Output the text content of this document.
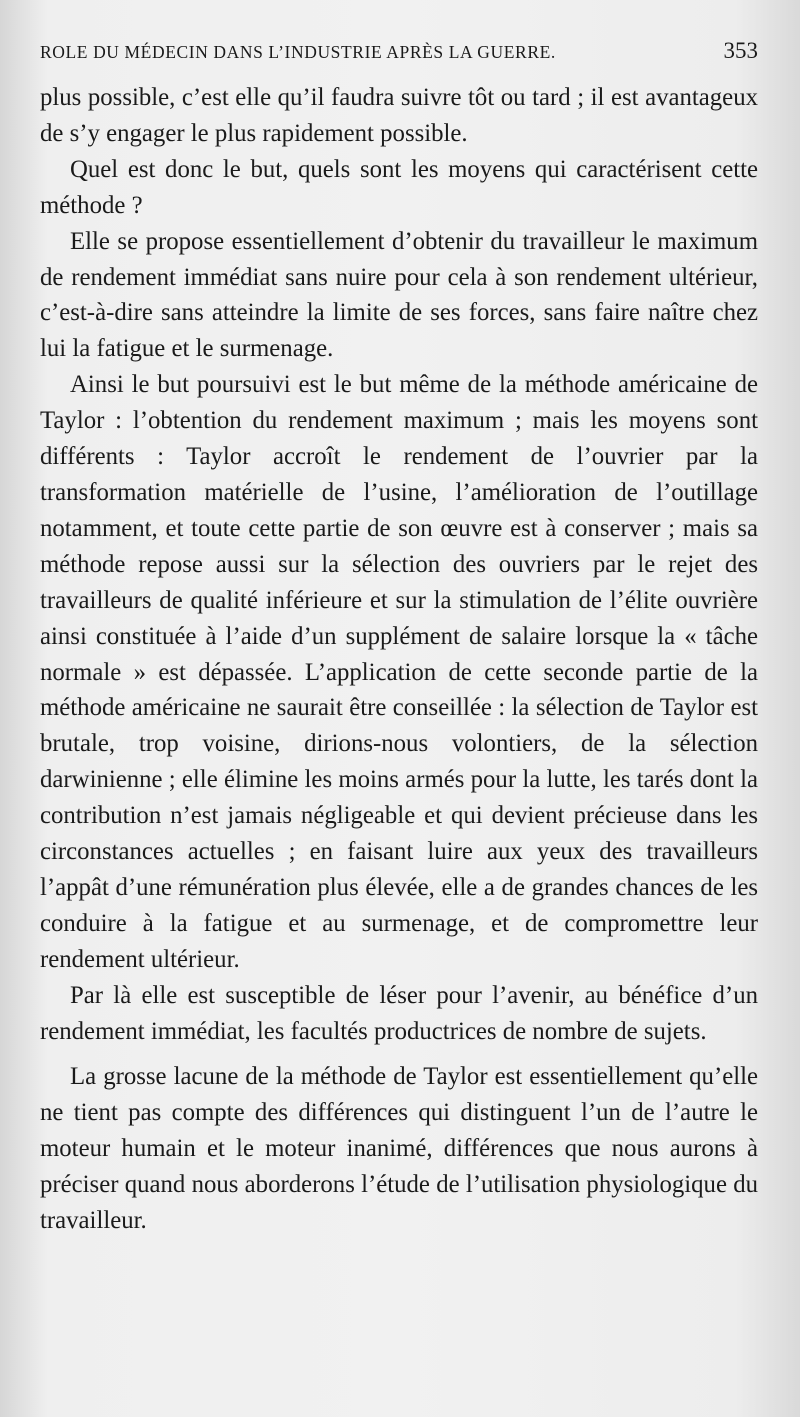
ROLE DU MÉDECIN DANS L’INDUSTRIE APRÈS LA GUERRE.	353

plus possible, c’est elle qu’il faudra suivre tôt ou tard ; il est avantageux de s’y engager le plus rapidement possible.

Quel est donc le but, quels sont les moyens qui caractérisent cette méthode ?

Elle se propose essentiellement d’obtenir du travailleur le maximum de rendement immédiat sans nuire pour cela à son rendement ultérieur, c’est-à-dire sans atteindre la limite de ses forces, sans faire naître chez lui la fatigue et le surmenage.

Ainsi le but poursuivi est le but même de la méthode américaine de Taylor : l’obtention du rendement maximum ; mais les moyens sont différents : Taylor accroît le rendement de l’ouvrier par la transformation matérielle de l’usine, l’amélioration de l’outillage notamment, et toute cette partie de son œuvre est à conserver ; mais sa méthode repose aussi sur la sélection des ouvriers par le rejet des travailleurs de qualité inférieure et sur la stimulation de l’élite ouvrière ainsi constituée à l’aide d’un supplément de salaire lorsque la « tâche normale » est dépassée. L’application de cette seconde partie de la méthode américaine ne saurait être conseillée : la sélection de Taylor est brutale, trop voisine, dirions-nous volontiers, de la sélection darwinienne ; elle élimine les moins armés pour la lutte, les tarés dont la contribution n’est jamais négligeable et qui devient précieuse dans les circonstances actuelles ; en faisant luire aux yeux des travailleurs l’appât d’une rémunération plus élevée, elle a de grandes chances de les conduire à la fatigue et au surmenage, et de compromettre leur rendement ultérieur.

Par là elle est susceptible de léser pour l’avenir, au bénéfice d’un rendement immédiat, les facultés productrices de nombre de sujets.

La grosse lacune de la méthode de Taylor est essentiellement qu’elle ne tient pas compte des différences qui distinguent l’un de l’autre le moteur humain et le moteur inanimé, différences que nous aurons à préciser quand nous aborderons l’étude de l’utilisation physiologique du travailleur.
